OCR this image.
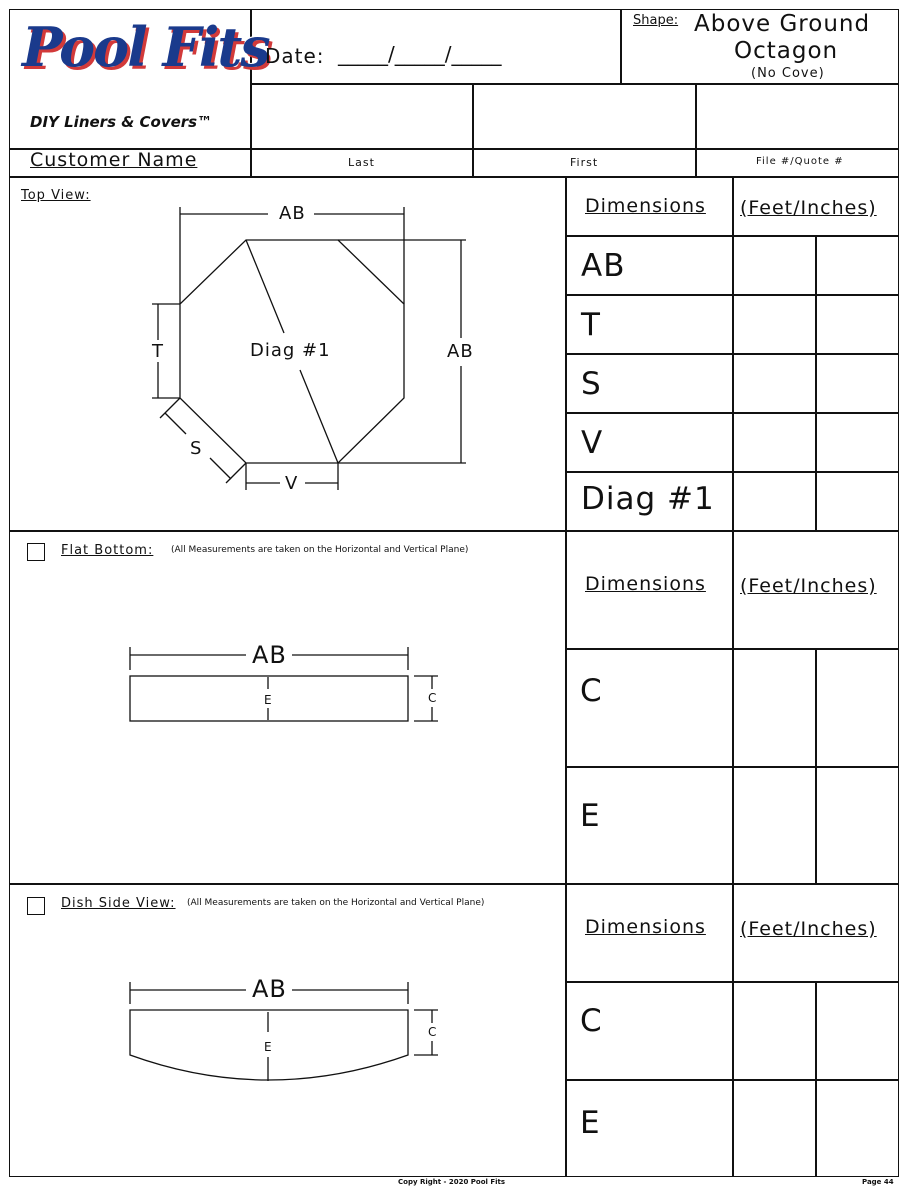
Pool Fits
DIY Liners & Covers™
Date: _____/_____/_____
Shape: Above Ground
Octagon
(No Cove)
Customer Name	Last	First	File #/Quote #
Top View:
AB
AB
T
S
V
Diag #1
Dimensions (Feet/Inches)
AB
T
S
V
Diag #1
Flat Bottom: (All Measurements are taken on the Horizontal and Vertical Plane)
AB
E	C
Dimensions (Feet/Inches)
C
E
Dish Side View: (All Measurements are taken on the Horizontal and Vertical Plane)
AB
E
C
Dimensions (Feet/Inches)
C
E
Copy Right - 2020 Pool Fits	Page 44
